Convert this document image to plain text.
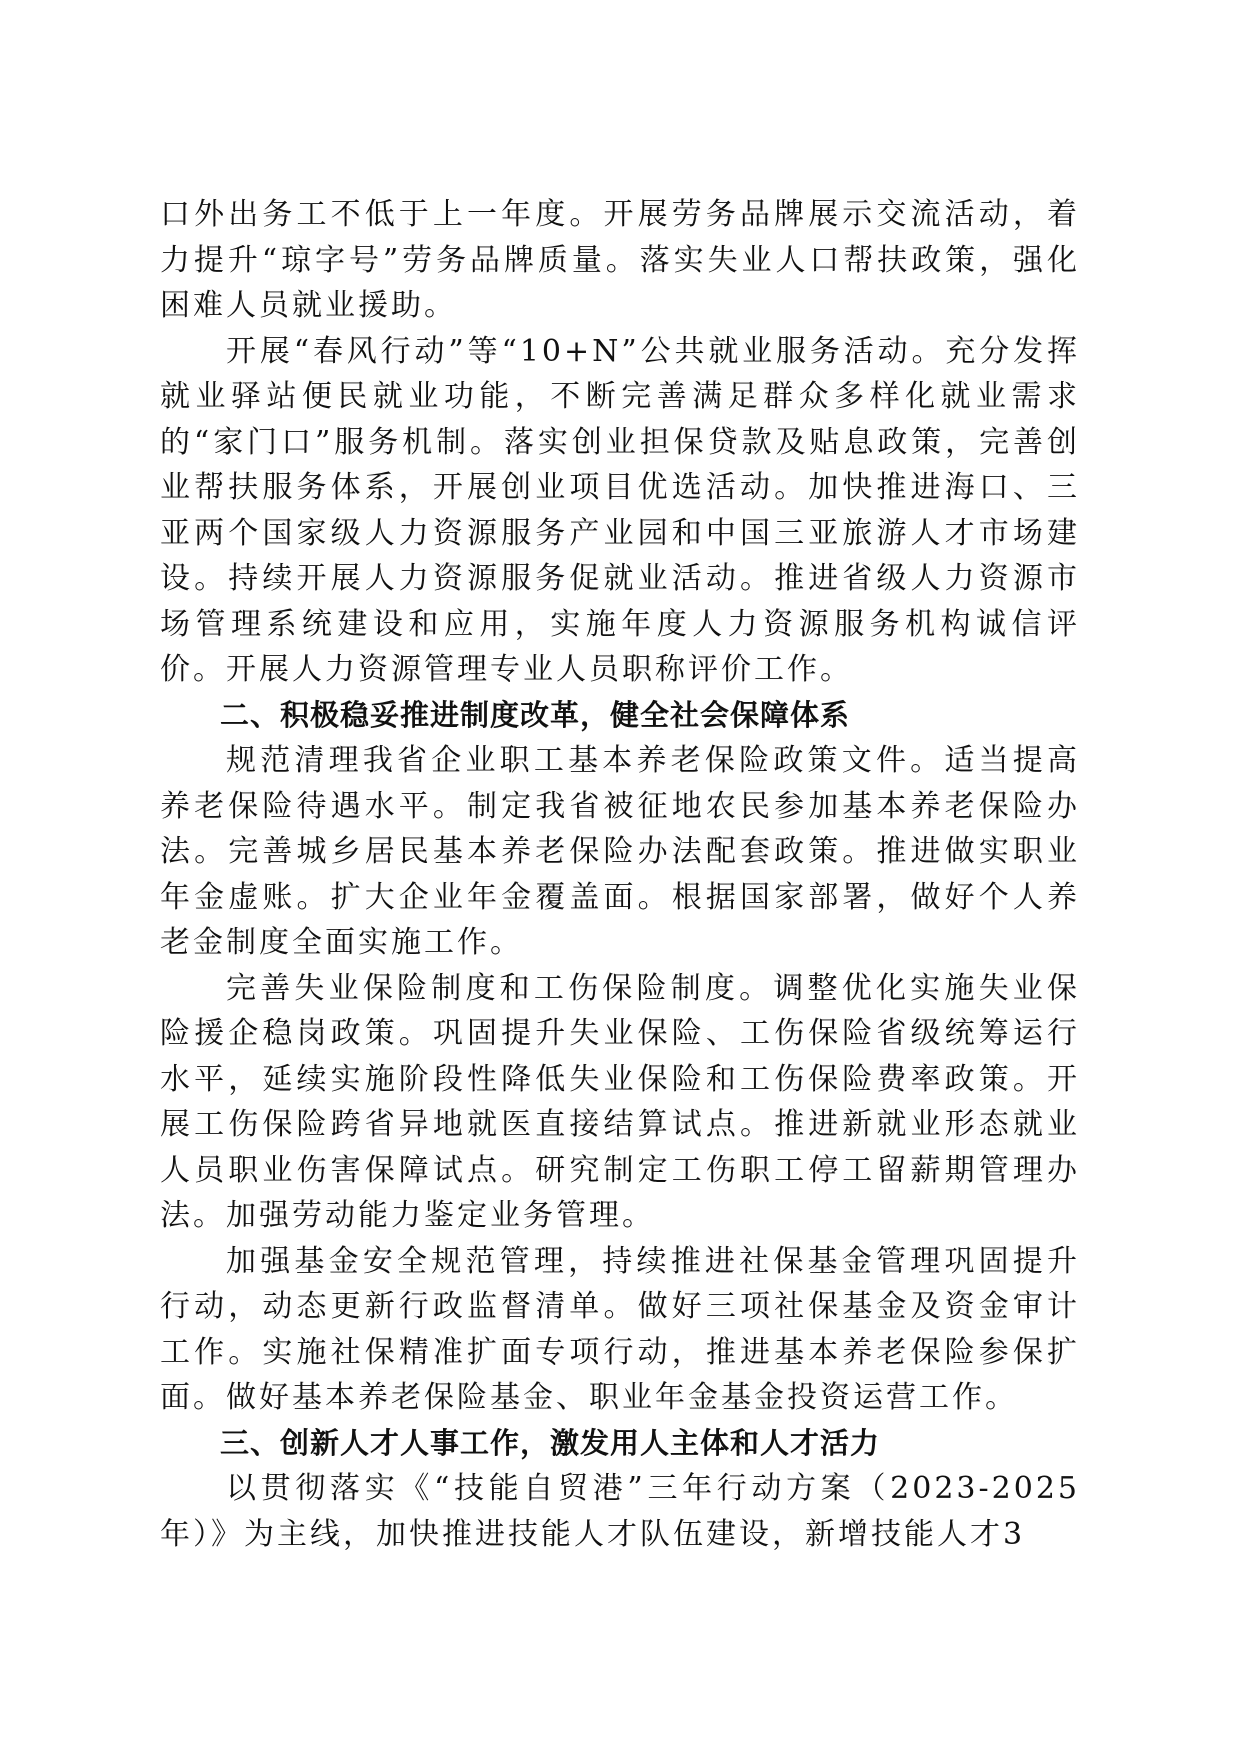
口外出务工不低于上一年度。开展劳务品牌展示交流活动，着力提升“琼字号”劳务品牌质量。落实失业人口帮扶政策，强化困难人员就业援助。

开展“春风行动”等“10+N”公共就业服务活动。充分发挥就业驿站便民就业功能，不断完善满足群众多样化就业需求的“家门口”服务机制。落实创业担保贷款及贴息政策，完善创业帮扶服务体系，开展创业项目优选活动。加快推进海口、三亚两个国家级人力资源服务产业园和中国三亚旅游人才市场建设。持续开展人力资源服务促就业活动。推进省级人力资源市场管理系统建设和应用，实施年度人力资源服务机构诚信评价。开展人力资源管理专业人员职称评价工作。

二、积极稳妥推进制度改革，健全社会保障体系

规范清理我省企业职工基本养老保险政策文件。适当提高养老保险待遇水平。制定我省被征地农民参加基本养老保险办法。完善城乡居民基本养老保险办法配套政策。推进做实职业年金虚账。扩大企业年金覆盖面。根据国家部署，做好个人养老金制度全面实施工作。

完善失业保险制度和工伤保险制度。调整优化实施失业保险援企稳岗政策。巩固提升失业保险、工伤保险省级统筹运行水平，延续实施阶段性降低失业保险和工伤保险费率政策。开展工伤保险跨省异地就医直接结算试点。推进新就业形态就业人员职业伤害保障试点。研究制定工伤职工停工留薪期管理办法。加强劳动能力鉴定业务管理。

加强基金安全规范管理，持续推进社保基金管理巩固提升行动，动态更新行政监督清单。做好三项社保基金及资金审计工作。实施社保精准扩面专项行动，推进基本养老保险参保扩面。做好基本养老保险基金、职业年金基金投资运营工作。

三、创新人才人事工作，激发用人主体和人才活力

以贯彻落实《“技能自贸港”三年行动方案（2023-2025年）》为主线，加快推进技能人才队伍建设，新增技能人才3
